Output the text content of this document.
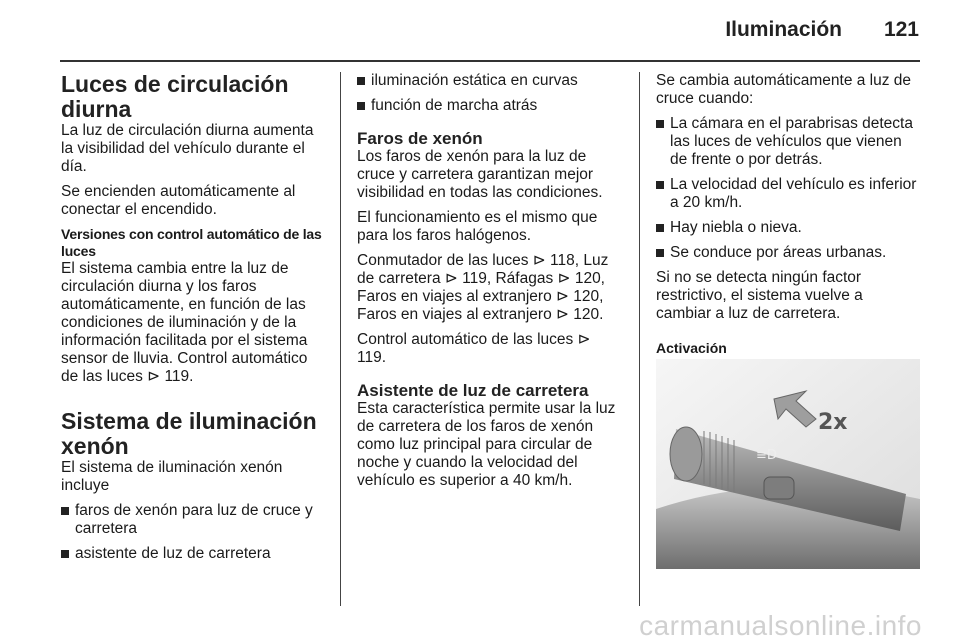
Iluminación 121
Luces de circulación diurna

La luz de circulación diurna aumenta la visibilidad del vehículo durante el día.

Se encienden automáticamente al conectar el encendido.

Versiones con control automático de las luces

El sistema cambia entre la luz de circulación diurna y los faros automáticamente, en función de las condiciones de iluminación y de la información facilitada por el sistema sensor de lluvia. Control automático de las luces ⊳ 119.

Sistema de iluminación xenón

El sistema de iluminación xenón incluye

faros de xenón para luz de cruce y carretera
asistente de luz de carretera
iluminación estática en curvas
función de marcha atrás
Faros de xenón

Los faros de xenón para la luz de cruce y carretera garantizan mejor visibilidad en todas las condiciones.

El funcionamiento es el mismo que para los faros halógenos.

Conmutador de las luces ⊳ 118, Luz de carretera ⊳ 119, Ráfagas ⊳ 120, Faros en viajes al extranjero ⊳ 120, Faros en viajes al extranjero ⊳ 120.

Control automático de las luces ⊳ 119.

Asistente de luz de carretera

Esta característica permite usar la luz de carretera de los faros de xenón como luz principal para circular de noche y cuando la velocidad del vehículo es superior a 40 km/h.

Se cambia automáticamente a luz de cruce cuando:

La cámara en el parabrisas detecta las luces de vehículos que vienen de frente o por detrás.
La velocidad del vehículo es inferior a 20 km/h.
Hay niebla o nieva.
Se conduce por áreas urbanas.

Si no se detecta ningún factor restrictivo, el sistema vuelve a cambiar a luz de carretera.

Activación
≡D
2x
carmanualsonline.info
